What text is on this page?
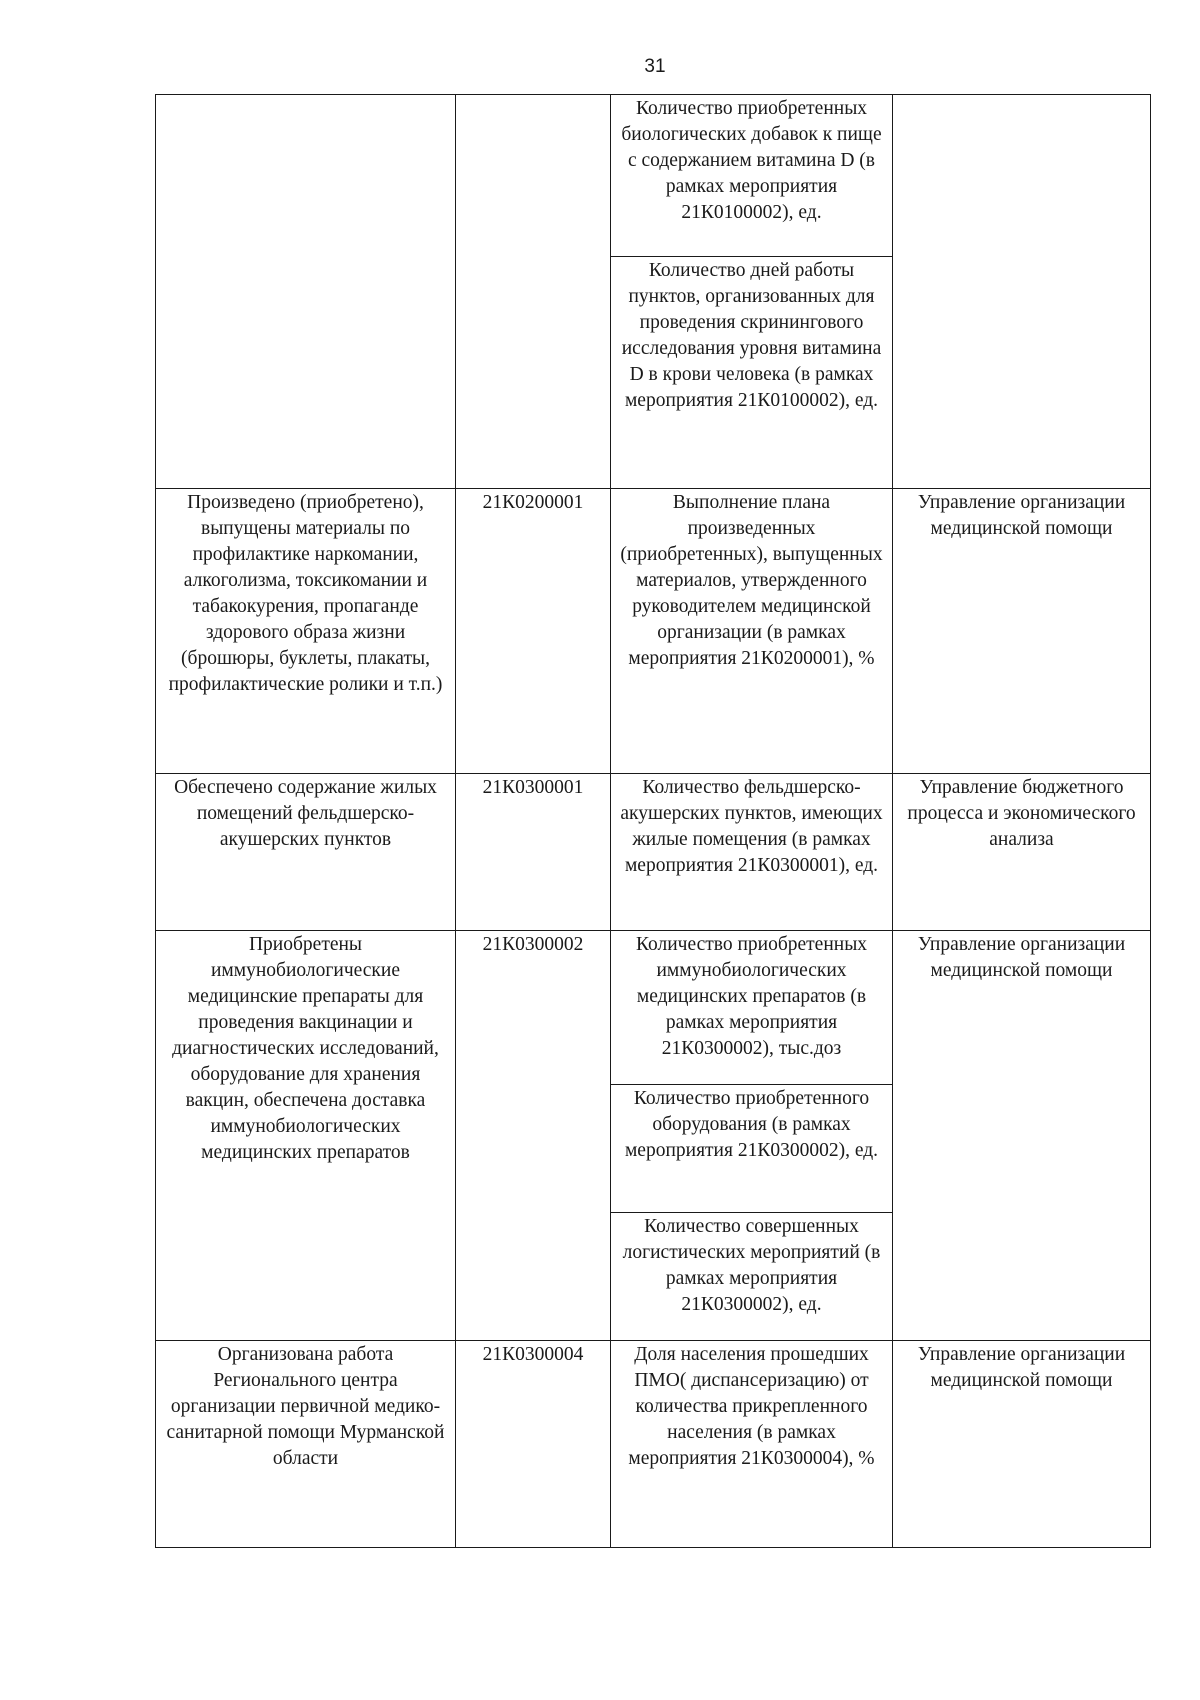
31
		Количество приобретенных биологических добавок к пище с содержанием витамина D (в рамках мероприятия 21К0100002), ед.	
		Количество дней работы пунктов, организованных для проведения скринингового исследования уровня витамина D в крови человека (в рамках мероприятия 21К0100002), ед.	
Произведено (приобретено), выпущены материалы по профилактике наркомании, алкоголизма, токсикомании и табакокурения, пропаганде здорового образа жизни (брошюры, буклеты, плакаты, профилактические ролики и т.п.)	21К0200001	Выполнение плана произведенных (приобретенных), выпущенных материалов, утвержденного руководителем медицинской организации (в рамках мероприятия 21К0200001), %	Управление организации медицинской помощи
Обеспечено содержание жилых помещений фельдшерско-акушерских пунктов	21К0300001	Количество фельдшерско-акушерских пунктов, имеющих жилые помещения (в рамках мероприятия 21К0300001), ед.	Управление бюджетного процесса и экономического анализа
Приобретены иммунобиологические медицинские препараты для проведения вакцинации и диагностических исследований, оборудование для хранения вакцин, обеспечена доставка иммунобиологических медицинских препаратов	21К0300002	Количество приобретенных иммунобиологических медицинских препаратов (в рамках мероприятия 21К0300002), тыс.доз	Управление организации медицинской помощи
		Количество приобретенного оборудования (в рамках мероприятия 21К0300002), ед.	
		Количество совершенных логистических мероприятий (в рамках мероприятия 21К0300002), ед.	
Организована работа Регионального центра организации первичной медико-санитарной помощи Мурманской области	21К0300004	Доля населения прошедших ПМО( диспансеризацию) от количества прикрепленного населения (в рамках мероприятия 21К0300004), %	Управление организации медицинской помощи
